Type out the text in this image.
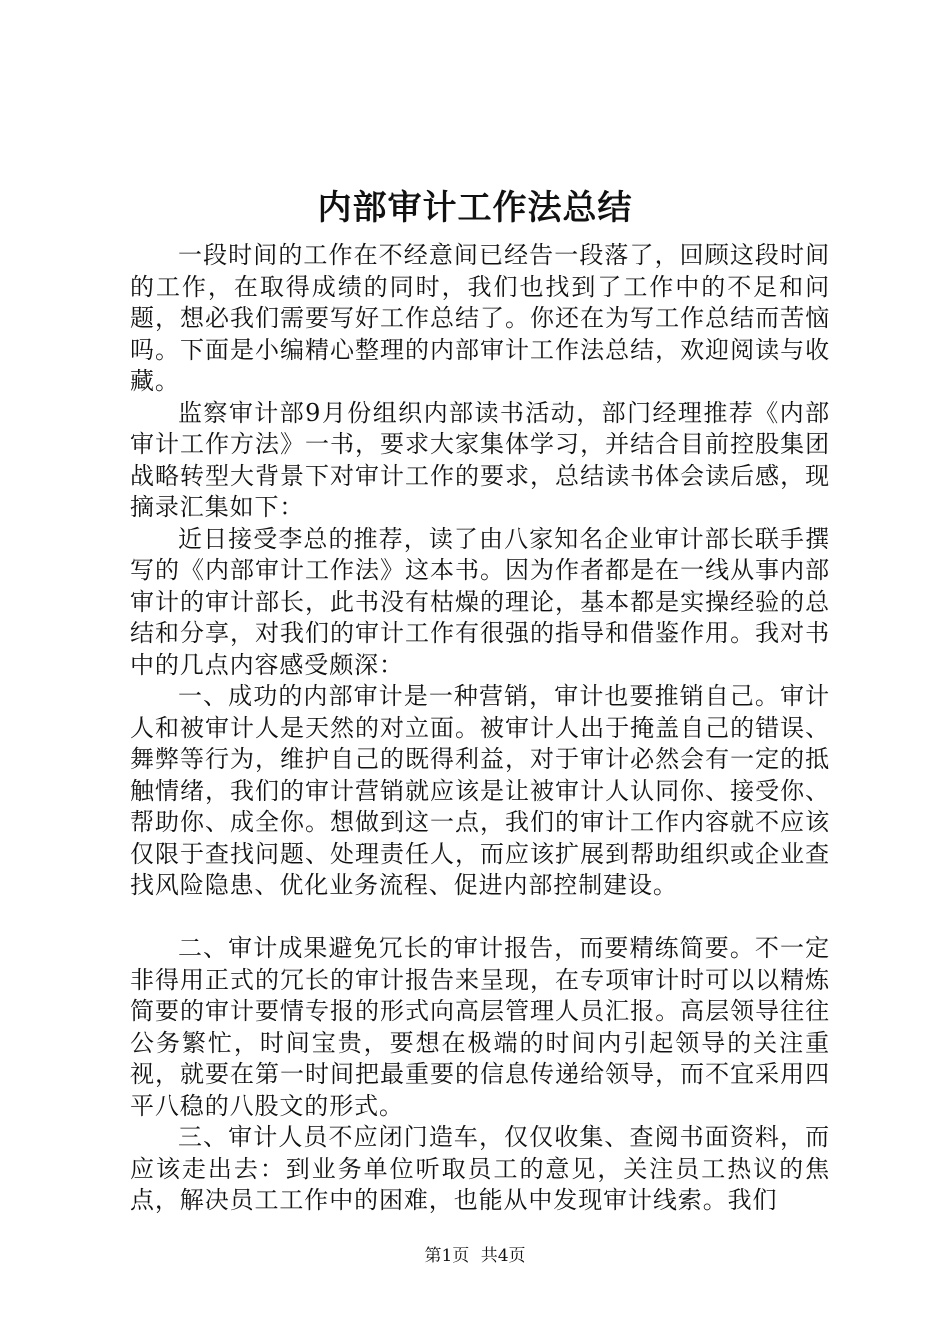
内部审计工作法总结

一段时间的工作在不经意间已经告一段落了，回顾这段时间的工作，在取得成绩的同时，我们也找到了工作中的不足和问题，想必我们需要写好工作总结了。你还在为写工作总结而苦恼吗。下面是小编精心整理的内部审计工作法总结，欢迎阅读与收藏。

监察审计部9月份组织内部读书活动，部门经理推荐《内部审计工作方法》一书，要求大家集体学习，并结合目前控股集团战略转型大背景下对审计工作的要求，总结读书体会读后感，现摘录汇集如下：

近日接受李总的推荐，读了由八家知名企业审计部长联手撰写的《内部审计工作法》这本书。因为作者都是在一线从事内部审计的审计部长，此书没有枯燥的理论，基本都是实操经验的总结和分享，对我们的审计工作有很强的指导和借鉴作用。我对书中的几点内容感受颇深：

一、成功的内部审计是一种营销，审计也要推销自己。审计人和被审计人是天然的对立面。被审计人出于掩盖自己的错误、舞弊等行为，维护自己的既得利益，对于审计必然会有一定的抵触情绪，我们的审计营销就应该是让被审计人认同你、接受你、帮助你、成全你。想做到这一点，我们的审计工作内容就不应该仅限于查找问题、处理责任人，而应该扩展到帮助组织或企业查找风险隐患、优化业务流程、促进内部控制建设。

二、审计成果避免冗长的审计报告，而要精练简要。不一定非得用正式的冗长的审计报告来呈现，在专项审计时可以以精炼简要的审计要情专报的形式向高层管理人员汇报。高层领导往往公务繁忙，时间宝贵，要想在极端的时间内引起领导的关注重视，就要在第一时间把最重要的信息传递给领导，而不宜采用四平八稳的八股文的形式。

三、审计人员不应闭门造车，仅仅收集、查阅书面资料，而应该走出去：到业务单位听取员工的意见，关注员工热议的焦点，解决员工工作中的困难，也能从中发现审计线索。我们

第1页 共4页
